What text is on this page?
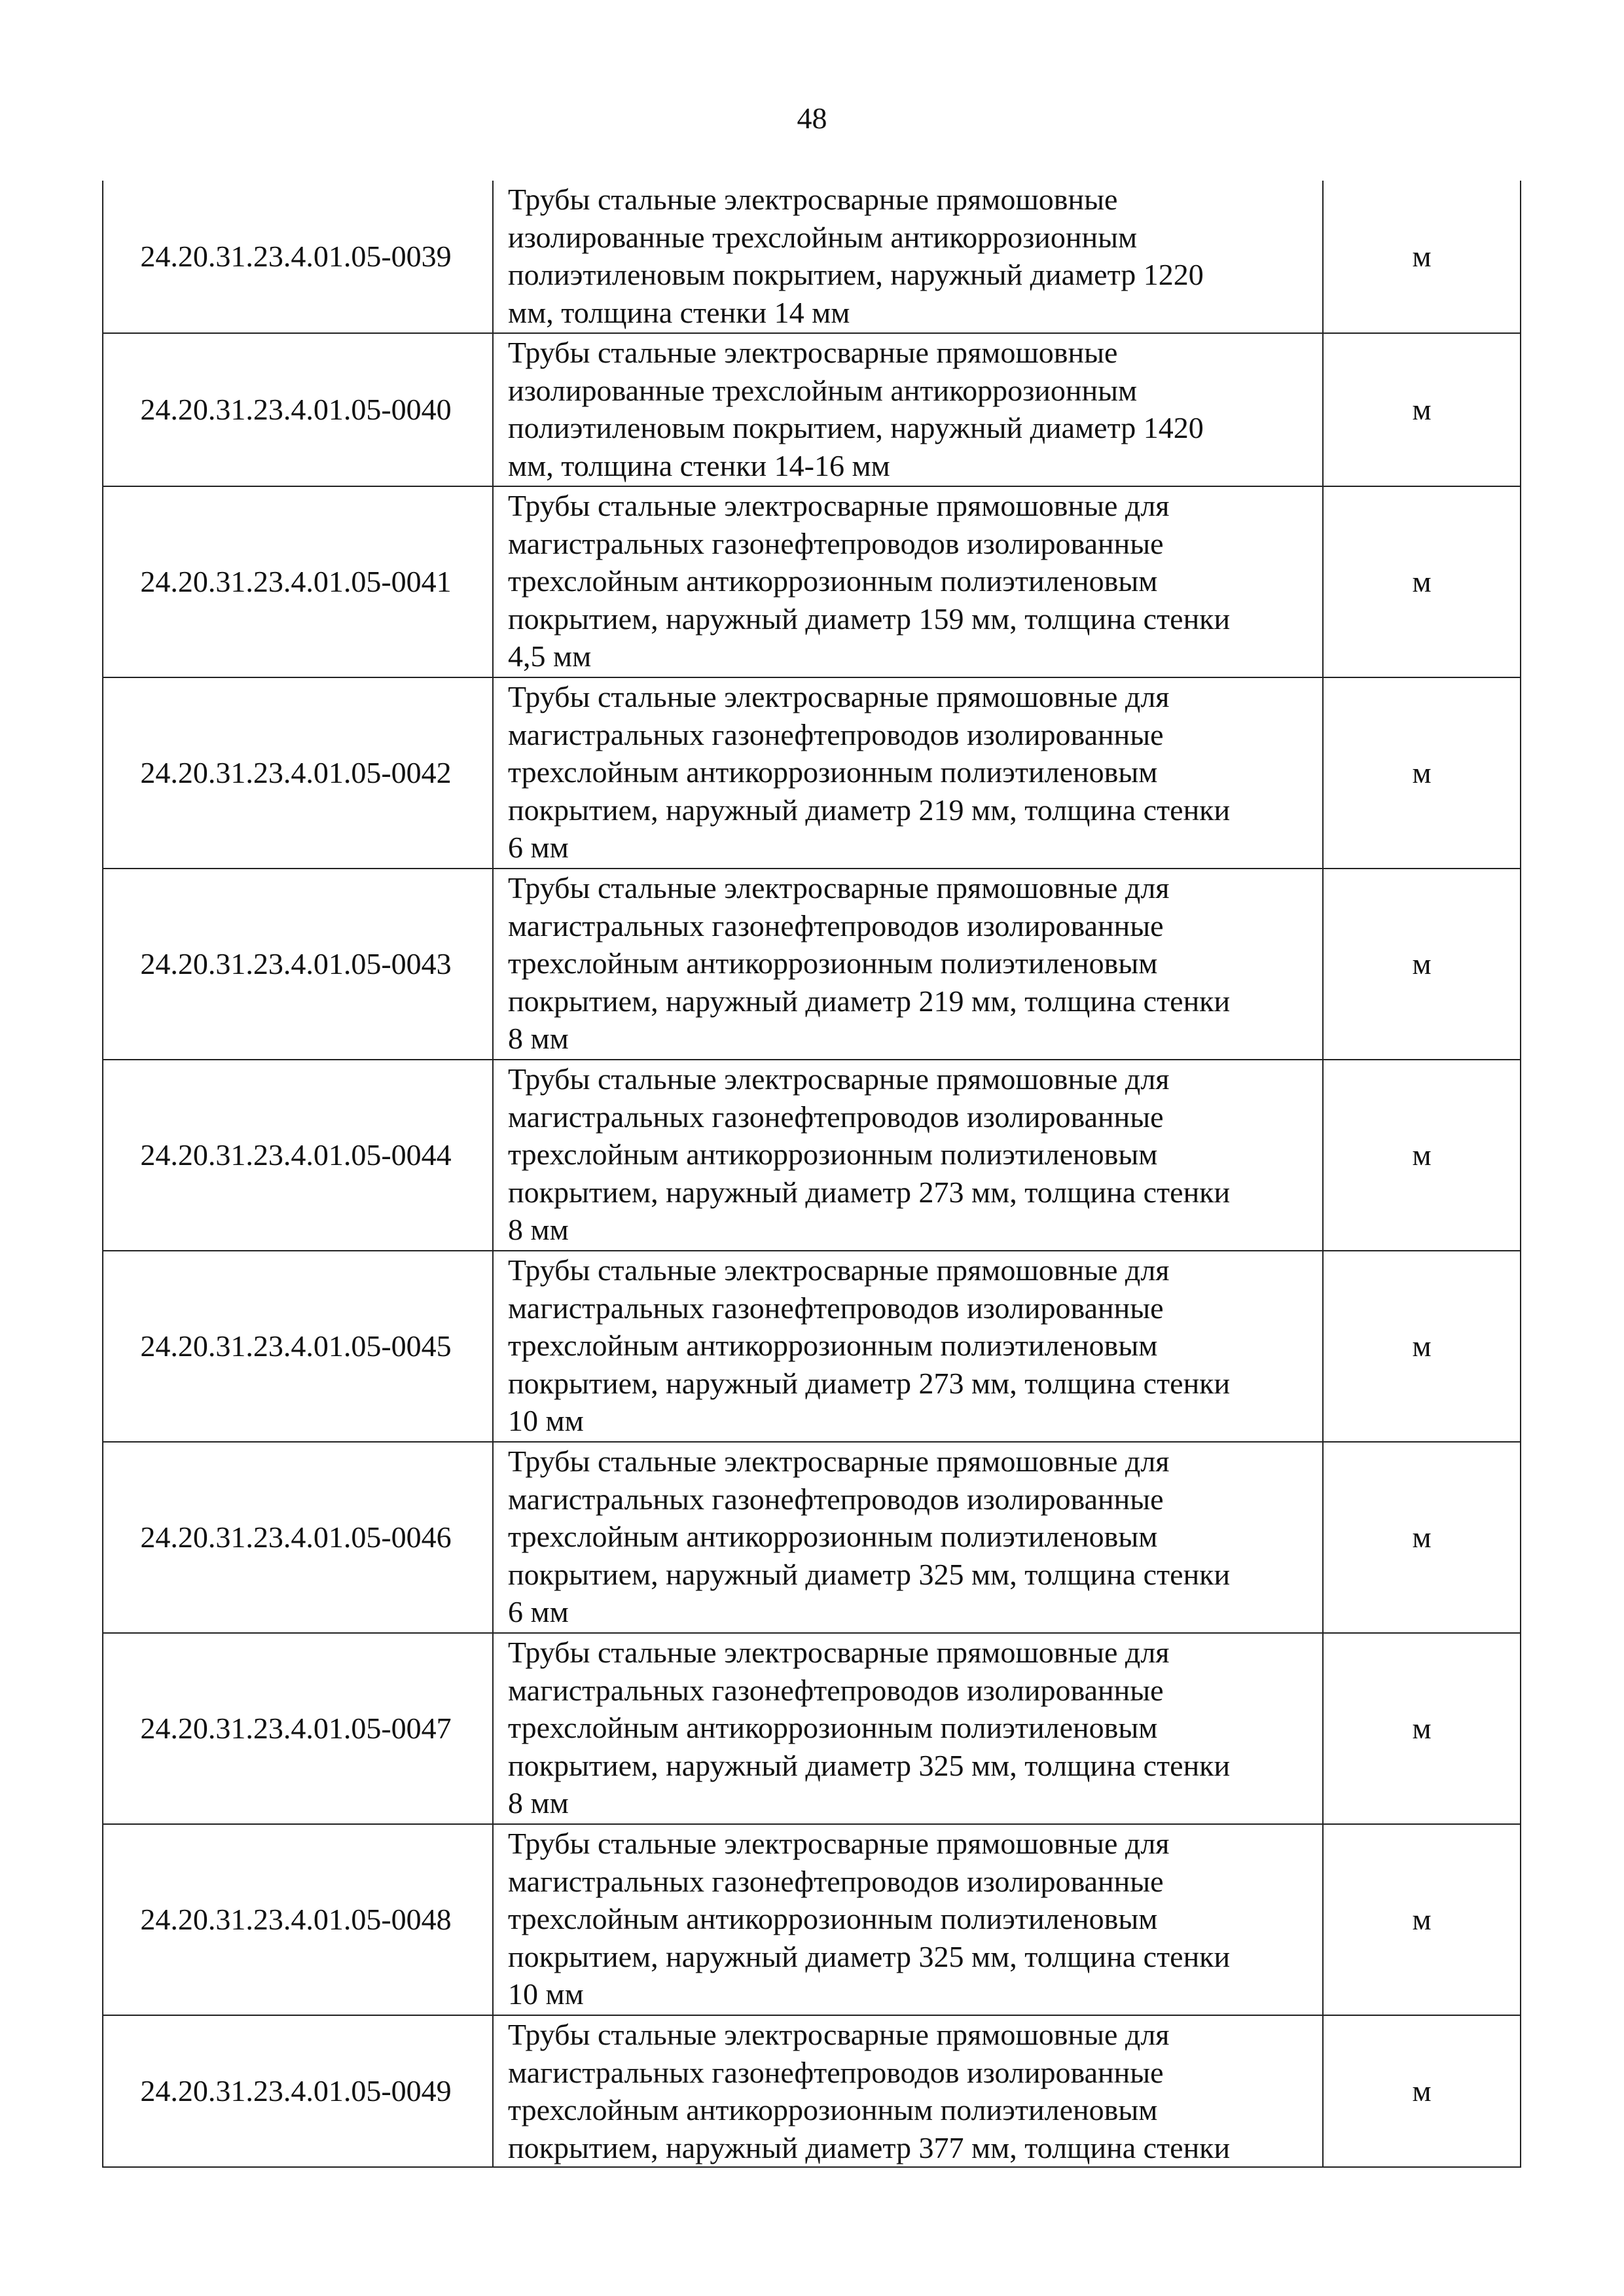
48
24.20.31.23.4.01.05-0039	Трубы стальные электросварные прямошовные
изолированные трехслойным антикоррозионным
полиэтиленовым покрытием, наружный диаметр 1220
мм, толщина стенки 14 мм	м
24.20.31.23.4.01.05-0040	Трубы стальные электросварные прямошовные
изолированные трехслойным антикоррозионным
полиэтиленовым покрытием, наружный диаметр 1420
мм, толщина стенки 14-16 мм	м
24.20.31.23.4.01.05-0041	Трубы стальные электросварные прямошовные для
магистральных газонефтепроводов изолированные
трехслойным антикоррозионным полиэтиленовым
покрытием, наружный диаметр 159 мм, толщина стенки
4,5 мм	м
24.20.31.23.4.01.05-0042	Трубы стальные электросварные прямошовные для
магистральных газонефтепроводов изолированные
трехслойным антикоррозионным полиэтиленовым
покрытием, наружный диаметр 219 мм, толщина стенки
6 мм	м
24.20.31.23.4.01.05-0043	Трубы стальные электросварные прямошовные для
магистральных газонефтепроводов изолированные
трехслойным антикоррозионным полиэтиленовым
покрытием, наружный диаметр 219 мм, толщина стенки
8 мм	м
24.20.31.23.4.01.05-0044	Трубы стальные электросварные прямошовные для
магистральных газонефтепроводов изолированные
трехслойным антикоррозионным полиэтиленовым
покрытием, наружный диаметр 273 мм, толщина стенки
8 мм	м
24.20.31.23.4.01.05-0045	Трубы стальные электросварные прямошовные для
магистральных газонефтепроводов изолированные
трехслойным антикоррозионным полиэтиленовым
покрытием, наружный диаметр 273 мм, толщина стенки
10 мм	м
24.20.31.23.4.01.05-0046	Трубы стальные электросварные прямошовные для
магистральных газонефтепроводов изолированные
трехслойным антикоррозионным полиэтиленовым
покрытием, наружный диаметр 325 мм, толщина стенки
6 мм	м
24.20.31.23.4.01.05-0047	Трубы стальные электросварные прямошовные для
магистральных газонефтепроводов изолированные
трехслойным антикоррозионным полиэтиленовым
покрытием, наружный диаметр 325 мм, толщина стенки
8 мм	м
24.20.31.23.4.01.05-0048	Трубы стальные электросварные прямошовные для
магистральных газонефтепроводов изолированные
трехслойным антикоррозионным полиэтиленовым
покрытием, наружный диаметр 325 мм, толщина стенки
10 мм	м
24.20.31.23.4.01.05-0049	Трубы стальные электросварные прямошовные для
магистральных газонефтепроводов изолированные
трехслойным антикоррозионным полиэтиленовым
покрытием, наружный диаметр 377 мм, толщина стенки	м
